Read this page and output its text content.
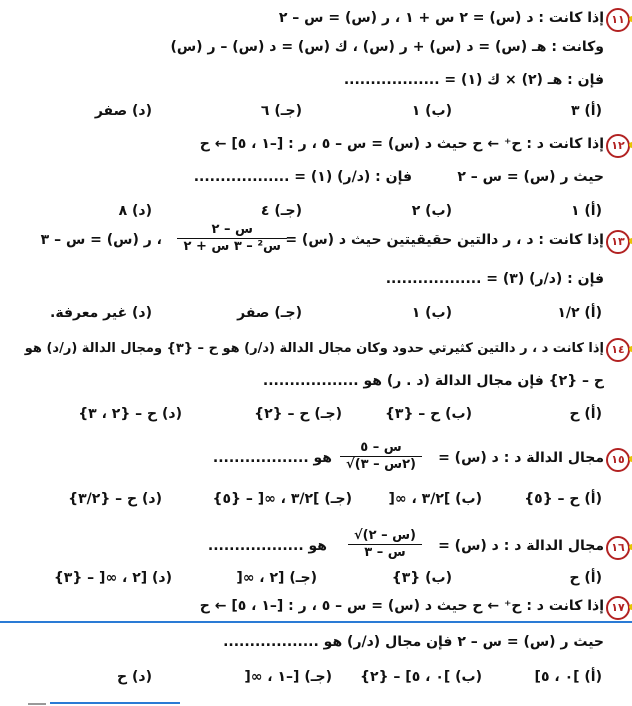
١١
إذا كانت : د (س) = ٢ س + ١ ، ر (س) = س – ٢
وكانت : هـ (س) = د (س) + ر (س) ، ك (س) = د (س) – ر (س)
فإن : هـ (٢) × ك (١) = ..................
(أ) ٣
(ب) ١
(جـ) ٦
(د) صفر
١٢
إذا كانت د : ح⁺ ← ح حيث د (س) = س – ٥ ، ر : [–١ ، ٥] ← ح
حيث ر (س) = س – ٢
فإن : (د/ر) (١) = ..................
(أ) ١
(ب) ٢
(جـ) ٤
(د) ٨
١٣
إذا كانت : د ، ر دالتين حقيقيتين حيث د (س) =
س – ٢
س² – ٣ س + ٢
، ر (س) = س – ٣
فإن : (د/ر) (٣) = ..................
(أ) ١/٢
(ب) ١
(جـ) صفر
(د) غير معرفة.
١٤
إذا كانت د ، ر دالتين كثيرتي حدود وكان مجال الدالة (د/ر) هو ح – {٣} ومجال الدالة (ر/د) هو
ح – {٢} فإن مجال الدالة (د . ر) هو ..................
(أ) ح
(ب) ح – {٣}
(جـ) ح – {٢}
(د) ح – {٢ ، ٣}
١٥
مجال الدالة د : د (س) =
س – ٥
√(٢س – ٣)
هو ..................
(أ) ح – {٥}
(ب) ]٣/٢ ، ∞[
(جـ) ]٣/٢ ، ∞[ – {٥}
(د) ح – {٣/٢}
١٦
مجال الدالة د : د (س) =
√(س – ٢)
س – ٣
هو ..................
(أ) ح
(ب) {٣}
(جـ) [٢ ، ∞[
(د) [٢ ، ∞[ – {٣}
١٧
إذا كانت د : ح⁺ ← ح حيث د (س) = س – ٥ ، ر : [–١ ، ٥] ← ح
حيث ر (س) = س – ٢ فإن مجال (د/ر) هو ..................
(أ) ]٠ ، ٥]
(ب) ]٠ ، ٥] – {٢}
(جـ) [–١ ، ∞[
(د) ح
